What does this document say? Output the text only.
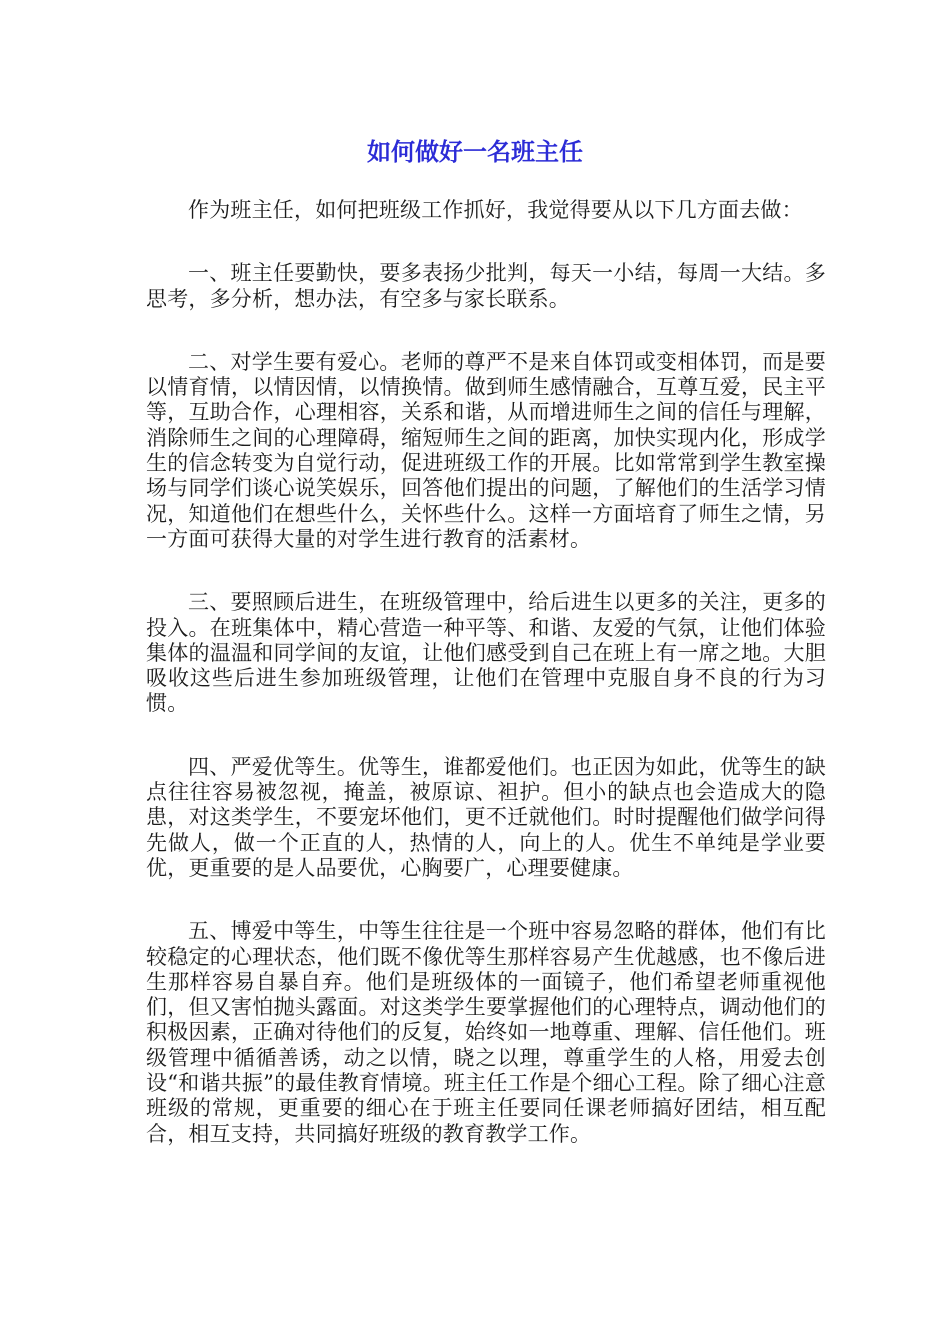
如何做好一名班主任

作为班主任，如何把班级工作抓好，我觉得要从以下几方面去做：

一、班主任要勤快，要多表扬少批判，每天一小结，每周一大结。多思考，多分析，想办法，有空多与家长联系。

二、对学生要有爱心。老师的尊严不是来自体罚或变相体罚，而是要以情育情，以情因情，以情换情。做到师生感情融合，互尊互爱，民主平等，互助合作，心理相容，关系和谐，从而增进师生之间的信任与理解，消除师生之间的心理障碍，缩短师生之间的距离，加快实现内化，形成学生的信念转变为自觉行动，促进班级工作的开展。比如常常到学生教室操场与同学们谈心说笑娱乐，回答他们提出的问题，了解他们的生活学习情况，知道他们在想些什么，关怀些什么。这样一方面培育了师生之情，另一方面可获得大量的对学生进行教育的活素材。

三、要照顾后进生，在班级管理中，给后进生以更多的关注，更多的投入。在班集体中，精心营造一种平等、和谐、友爱的气氛，让他们体验集体的温温和同学间的友谊，让他们感受到自己在班上有一席之地。大胆吸收这些后进生参加班级管理，让他们在管理中克服自身不良的行为习惯。

四、严爱优等生。优等生，谁都爱他们。也正因为如此，优等生的缺点往往容易被忽视，掩盖，被原谅、袒护。但小的缺点也会造成大的隐患，对这类学生，不要宠坏他们，更不迁就他们。时时提醒他们做学问得先做人，做一个正直的人，热情的人，向上的人。优生不单纯是学业要优，更重要的是人品要优，心胸要广，心理要健康。

五、博爱中等生，中等生往往是一个班中容易忽略的群体，他们有比较稳定的心理状态，他们既不像优等生那样容易产生优越感，也不像后进生那样容易自暴自弃。他们是班级体的一面镜子，他们希望老师重视他们，但又害怕抛头露面。对这类学生要掌握他们的心理特点，调动他们的积极因素，正确对待他们的反复，始终如一地尊重、理解、信任他们。班级管理中循循善诱，动之以情，晓之以理，尊重学生的人格，用爱去创设“和谐共振”的最佳教育情境。班主任工作是个细心工程。除了细心注意班级的常规，更重要的细心在于班主任要同任课老师搞好团结，相互配合，相互支持，共同搞好班级的教育教学工作。
